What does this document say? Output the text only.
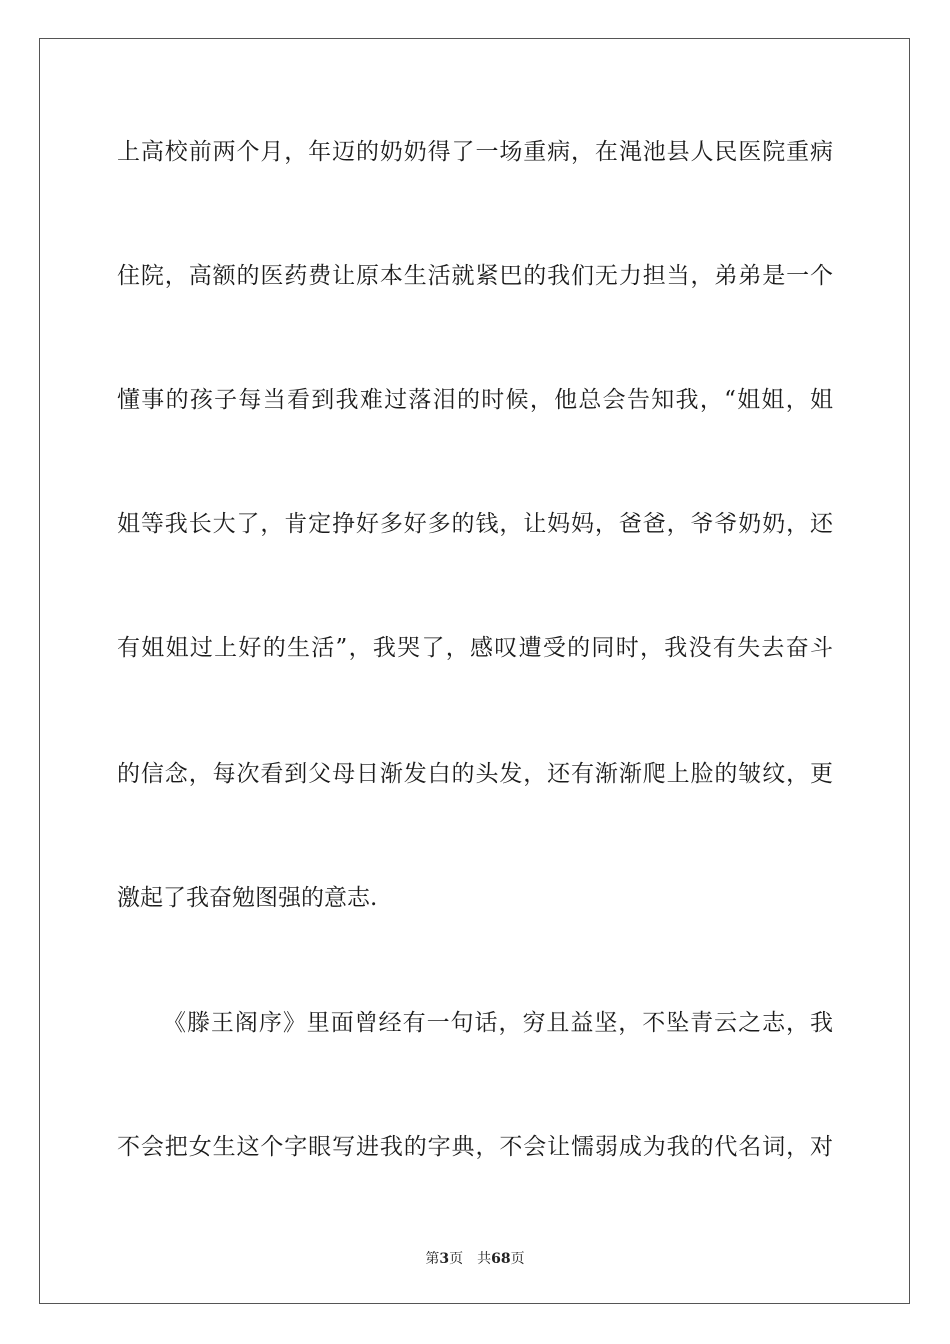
上高校前两个月，年迈的奶奶得了一场重病，在渑池县人民医院重病
住院，高额的医药费让原本生活就紧巴的我们无力担当，弟弟是一个
懂事的孩子每当看到我难过落泪的时候，他总会告知我，“姐姐，姐
姐等我长大了，肯定挣好多好多的钱，让妈妈，爸爸，爷爷奶奶，还
有姐姐过上好的生活”，我哭了，感叹遭受的同时，我没有失去奋斗
的信念，每次看到父母日渐发白的头发，还有渐渐爬上脸的皱纹，更
激起了我奋勉图强的意志.
《滕王阁序》里面曾经有一句话，穷且益坚，不坠青云之志，我
不会把女生这个字眼写进我的字典，不会让懦弱成为我的代名词，对
第3页 共68页
